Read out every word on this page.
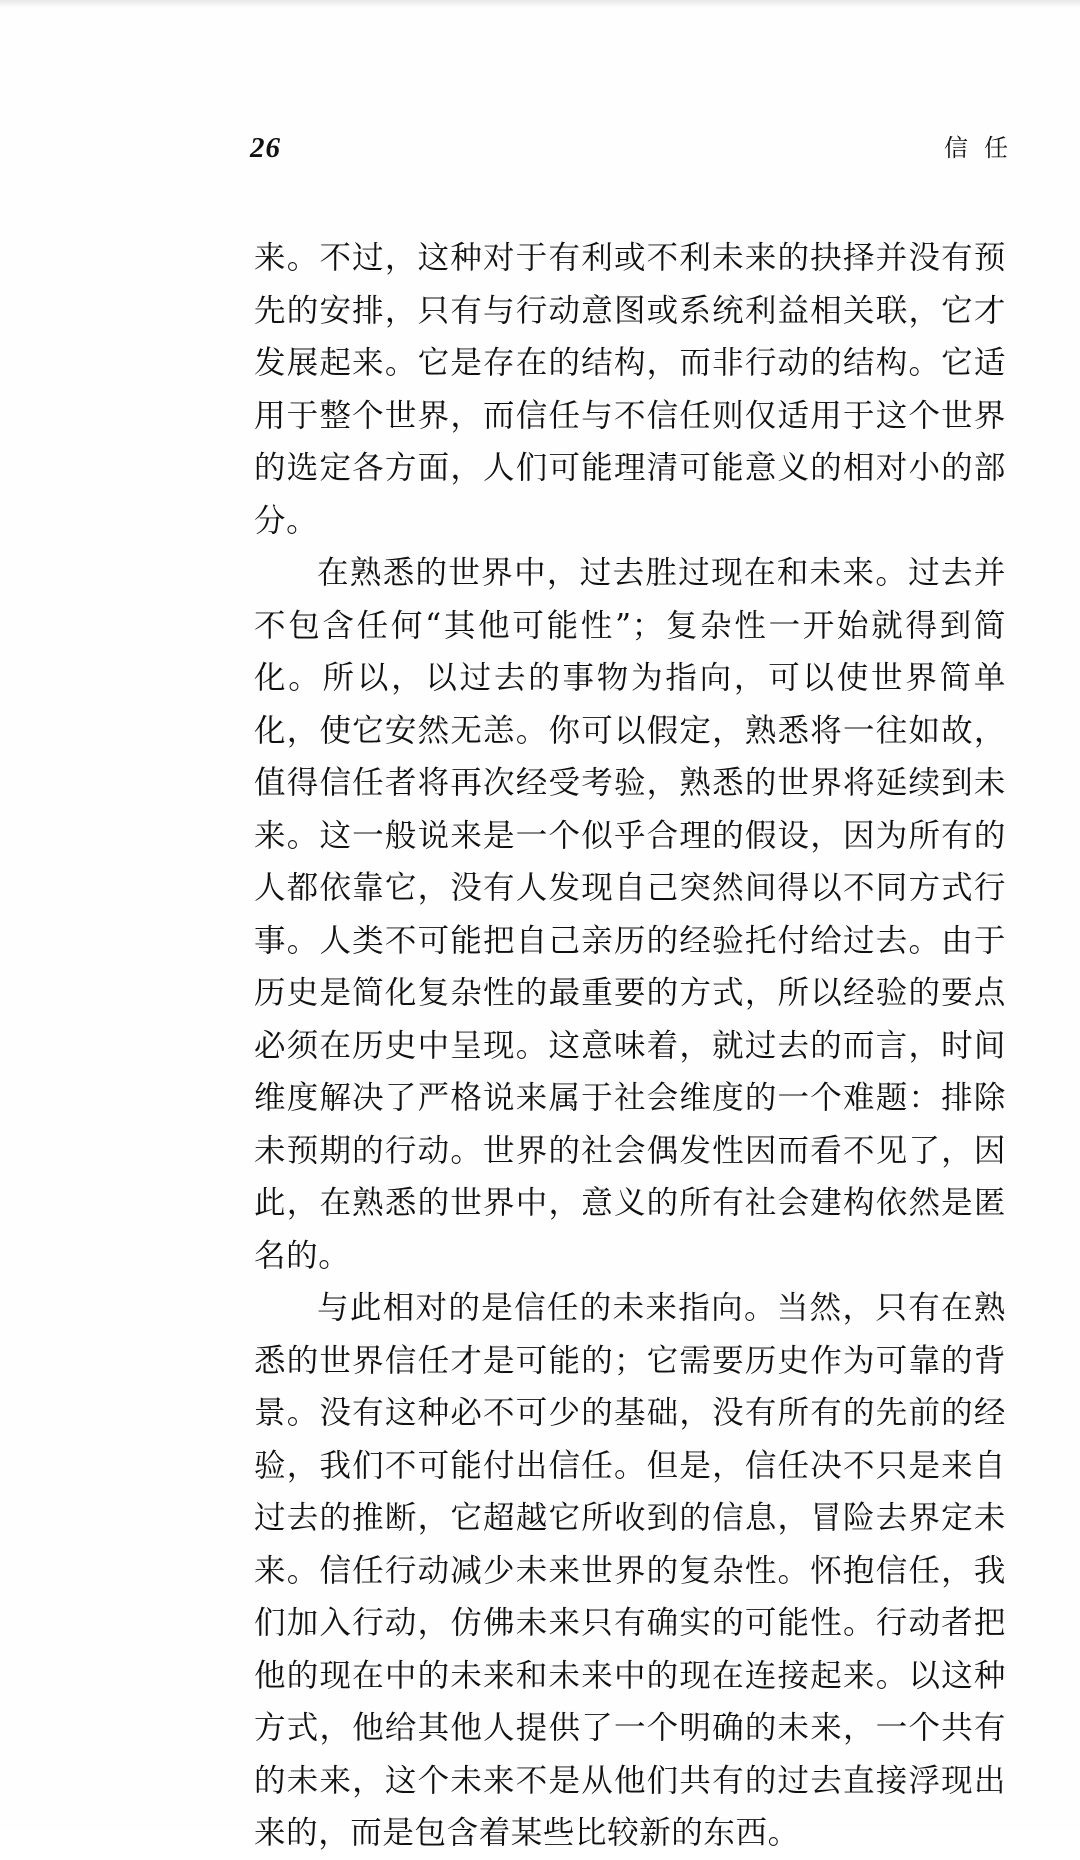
26	信任

来。不过，这种对于有利或不利未来的抉择并没有预先的安排，只有与行动意图或系统利益相关联，它才发展起来。它是存在的结构，而非行动的结构。它适用于整个世界，而信任与不信任则仅适用于这个世界的选定各方面，人们可能理清可能意义的相对小的部分。

在熟悉的世界中，过去胜过现在和未来。过去并不包含任何“其他可能性”；复杂性一开始就得到简化。所以，以过去的事物为指向，可以使世界简单化，使它安然无恙。你可以假定，熟悉将一往如故，值得信任者将再次经受考验，熟悉的世界将延续到未来。这一般说来是一个似乎合理的假设，因为所有的人都依靠它，没有人发现自己突然间得以不同方式行事。人类不可能把自己亲历的经验托付给过去。由于历史是简化复杂性的最重要的方式，所以经验的要点必须在历史中呈现。这意味着，就过去的而言，时间维度解决了严格说来属于社会维度的一个难题：排除未预期的行动。世界的社会偶发性因而看不见了，因此，在熟悉的世界中，意义的所有社会建构依然是匿名的。

与此相对的是信任的未来指向。当然，只有在熟悉的世界信任才是可能的；它需要历史作为可靠的背景。没有这种必不可少的基础，没有所有的先前的经验，我们不可能付出信任。但是，信任决不只是来自过去的推断，它超越它所收到的信息，冒险去界定未来。信任行动减少未来世界的复杂性。怀抱信任，我们加入行动，仿佛未来只有确实的可能性。行动者把他的现在中的未来和未来中的现在连接起来。以这种方式，他给其他人提供了一个明确的未来，一个共有的未来，这个未来不是从他们共有的过去直接浮现出来的，而是包含着某些比较新的东西。
